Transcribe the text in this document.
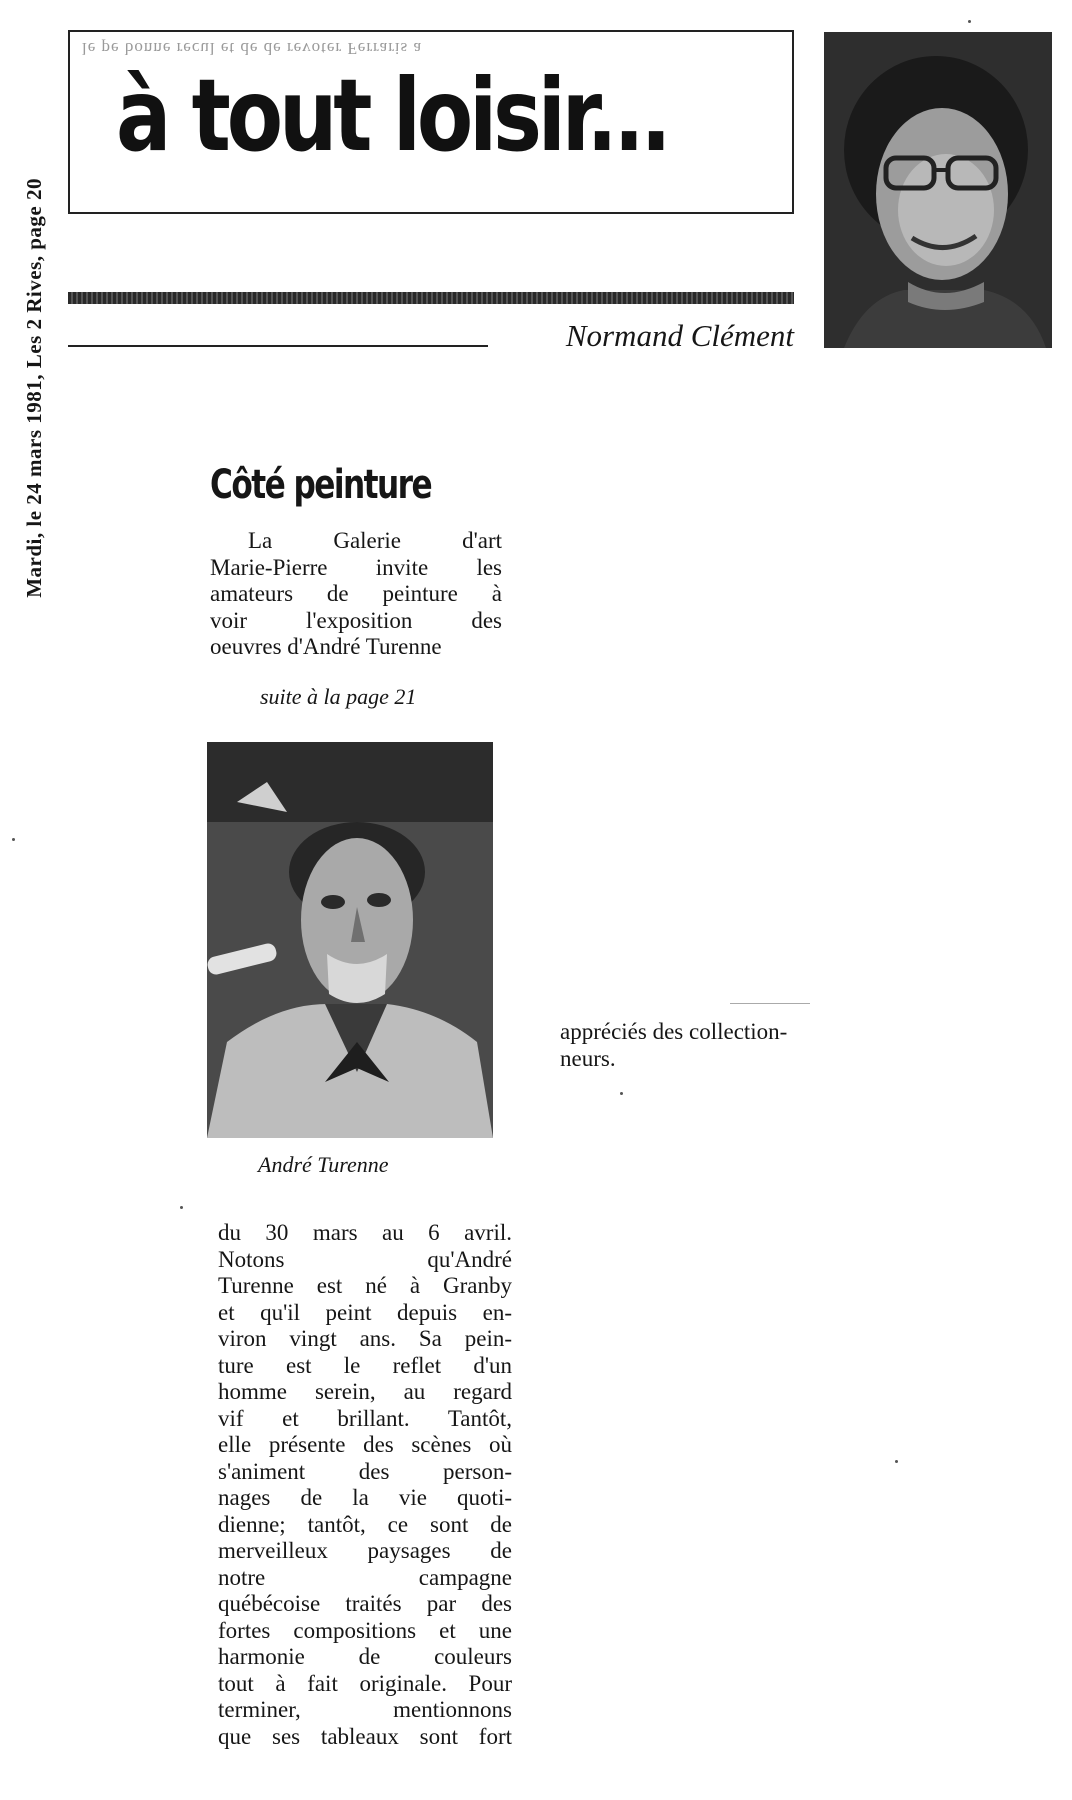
Mardi, le 24 mars 1981, Les 2 Rives, page 20
le pe bonne recul et de de revoter Ferraris a
à tout loisir...
Normand Clément
Côté peinture
La Galerie d'art
Marie-Pierre invite les
amateurs de peinture à
voir l'exposition des
oeuvres d'André Turenne
suite à la page 21
André Turenne
du 30 mars au 6 avril.
Notons qu'André
Turenne est né à Granby
et qu'il peint depuis en-
viron vingt ans. Sa pein-
ture est le reflet d'un
homme serein, au regard
vif et brillant. Tantôt,
elle présente des scènes où
s'animent des person-
nages de la vie quoti-
dienne; tantôt, ce sont de
merveilleux paysages de
notre campagne
québécoise traités par des
fortes compositions et une
harmonie de couleurs
tout à fait originale. Pour
terminer, mentionnons
que ses tableaux sont fort
appréciés des collection-
neurs.
